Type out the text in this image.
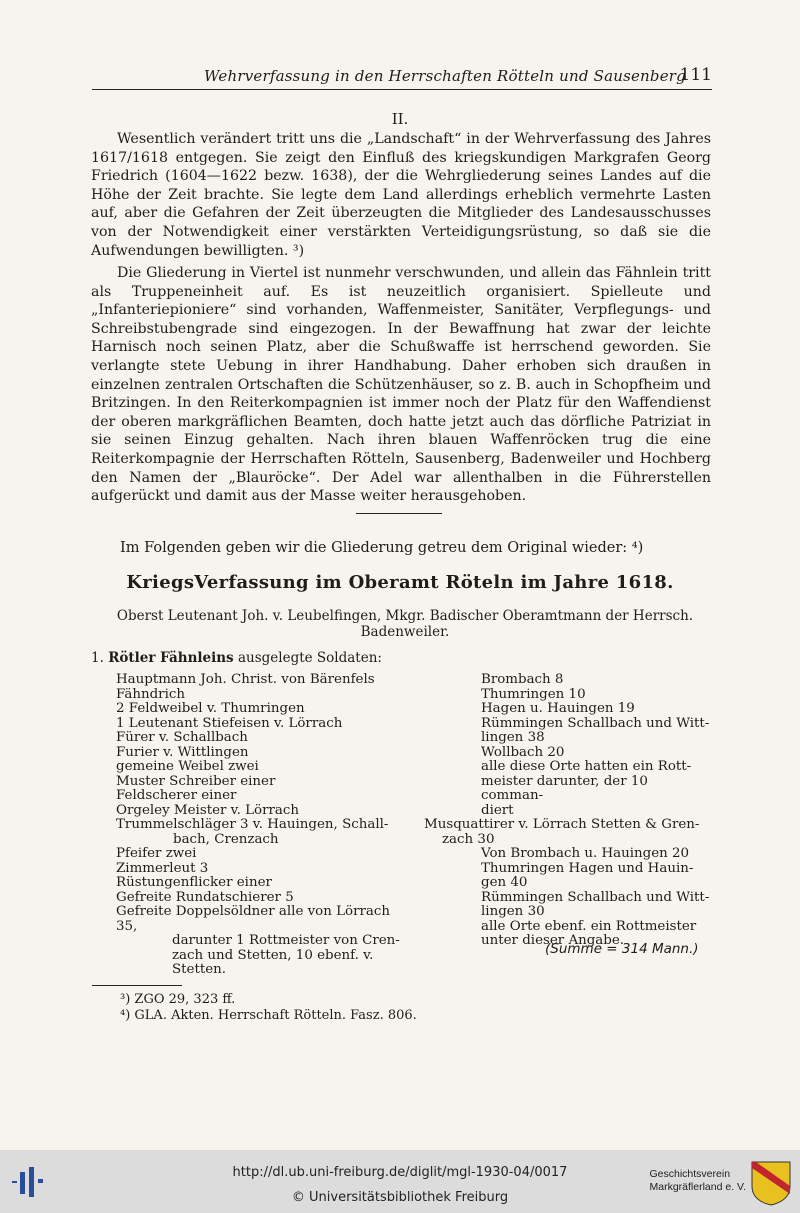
Wehrverfassung in den Herrschaften Rötteln und Sausenberg
111
II.

Wesentlich verändert tritt uns die „Landschaft“ in der Wehrverfassung des Jahres 1617/1618 entgegen. Sie zeigt den Einfluß des kriegskundigen Markgrafen Georg Friedrich (1604—1622 bezw. 1638), der die Wehrgliederung seines Landes auf die Höhe der Zeit brachte. Sie legte dem Land allerdings erheblich vermehrte Lasten auf, aber die Gefahren der Zeit überzeugten die Mitglieder des Landesausschusses von der Notwendigkeit einer verstärkten Verteidigungsrüstung, so daß sie die Aufwendungen bewilligten. ³)

Die Gliederung in Viertel ist nunmehr verschwunden, und allein das Fähnlein tritt als Truppeneinheit auf. Es ist neuzeitlich organisiert. Spielleute und „Infanteriepioniere“ sind vorhanden, Waffenmeister, Sanitäter, Verpflegungs- und Schreibstubengrade sind eingezogen. In der Bewaffnung hat zwar der leichte Harnisch noch seinen Platz, aber die Schußwaffe ist herrschend geworden. Sie verlangte stete Uebung in ihrer Handhabung. Daher erhoben sich draußen in einzelnen zentralen Ortschaften die Schützenhäuser, so z. B. auch in Schopfheim und Britzingen. In den Reiterkompagnien ist immer noch der Platz für den Waffendienst der oberen markgräflichen Beamten, doch hatte jetzt auch das dörfliche Patriziat in sie seinen Einzug gehalten. Nach ihren blauen Waffenröcken trug die eine Reiterkompagnie der Herrschaften Rötteln, Sausenberg, Badenweiler und Hochberg den Namen der „Blauröcke“. Der Adel war allenthalben in die Führerstellen aufgerückt und damit aus der Masse weiter herausgehoben.

Im Folgenden geben wir die Gliederung getreu dem Original wieder: ⁴)
KriegsVerfassung im Oberamt Röteln im Jahre 1618.
Oberst Leutenant Joh. v. Leubelfingen, Mkgr. Badischer Oberamtmann der Herrsch. Badenweiler.
1. Rötler Fähnleins ausgelegte Soldaten:
Hauptmann Joh. Christ. von Bärenfels
Fähndrich
2 Feldweibel v. Thumringen
1 Leutenant Stiefeisen v. Lörrach
Fürer v. Schallbach
Furier v. Wittlingen
gemeine Weibel zwei
Muster Schreiber einer
Feldscherer einer
Orgeley Meister v. Lörrach
Trummelschläger 3 v. Hauingen, Schall-
bach, Crenzach
Pfeifer zwei
Zimmerleut 3
Rüstungenflicker einer
Gefreite Rundatschierer 5
Gefreite Doppelsöldner alle von Lörrach 35,
darunter 1 Rottmeister von Cren-
zach und Stetten, 10 ebenf. v.
Stetten.
Brombach 8
Thumringen 10
Hagen u. Hauingen 19
Rümmingen Schallbach und Witt-
lingen 38
Wollbach 20
alle diese Orte hatten ein Rott-
meister darunter, der 10 comman-
diert
Musquattirer v. Lörrach Stetten & Gren-
zach 30
Von Brombach u. Hauingen 20
Thumringen Hagen und Hauin-
gen 40
Rümmingen Schallbach und Witt-
lingen 30
alle Orte ebenf. ein Rottmeister
unter dieser Angabe.
(Summe = 314 Mann.)
³) ZGO 29, 323 ff.
⁴) GLA. Akten. Herrschaft Rötteln. Fasz. 806.
http://dl.ub.uni-freiburg.de/diglit/mgl-1930-04/0017
© Universitätsbibliothek Freiburg
Geschichtsverein
Markgräflerland e. V.
